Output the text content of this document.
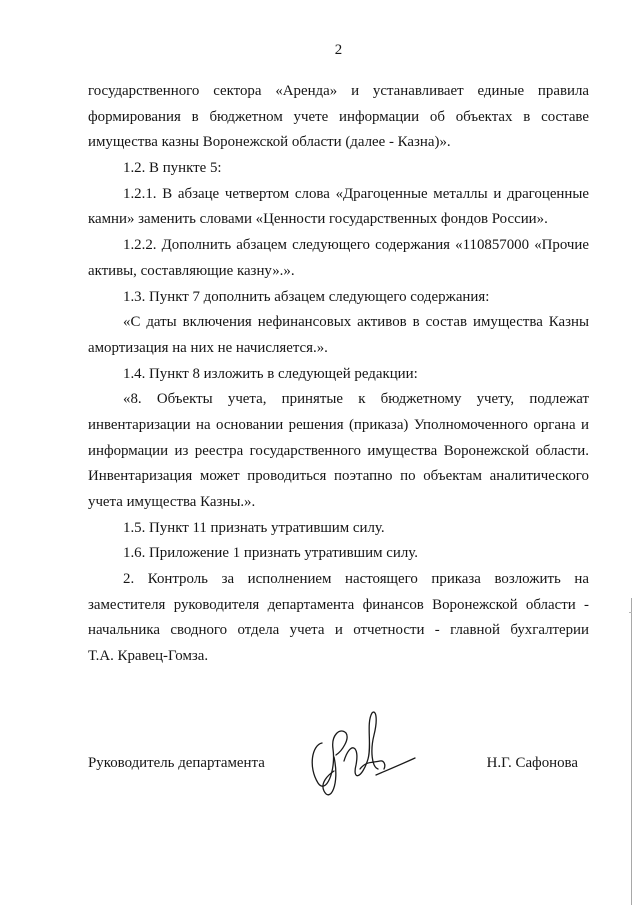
2
государственного сектора «Аренда» и устанавливает единые правила
формирования в бюджетном учете информации об объектах в составе
имущества казны Воронежской области (далее - Казна)».
1.2. В пункте 5:
1.2.1. В абзаце четвертом слова «Драгоценные металлы и драгоценные
камни» заменить словами «Ценности государственных фондов России».
1.2.2. Дополнить абзацем следующего содержания «110857000 «Прочие
активы, составляющие казну».».
1.3. Пункт 7 дополнить абзацем следующего содержания:
«С даты включения нефинансовых активов в состав имущества Казны
амортизация на них не начисляется.».
1.4. Пункт 8 изложить в следующей редакции:
«8. Объекты учета, принятые к бюджетному учету, подлежат
инвентаризации на основании решения (приказа) Уполномоченного органа и
информации из реестра государственного имущества Воронежской области.
Инвентаризация может проводиться поэтапно по объектам аналитического
учета имущества Казны.».
1.5. Пункт 11 признать утратившим силу.
1.6. Приложение 1 признать утратившим силу.
2. Контроль за исполнением настоящего приказа возложить на
заместителя руководителя департамента финансов Воронежской области -
начальника сводного отдела учета и отчетности - главной бухгалтерии
Т.А. Кравец-Гомза.
Руководитель департамента	Н.Г. Сафонова
